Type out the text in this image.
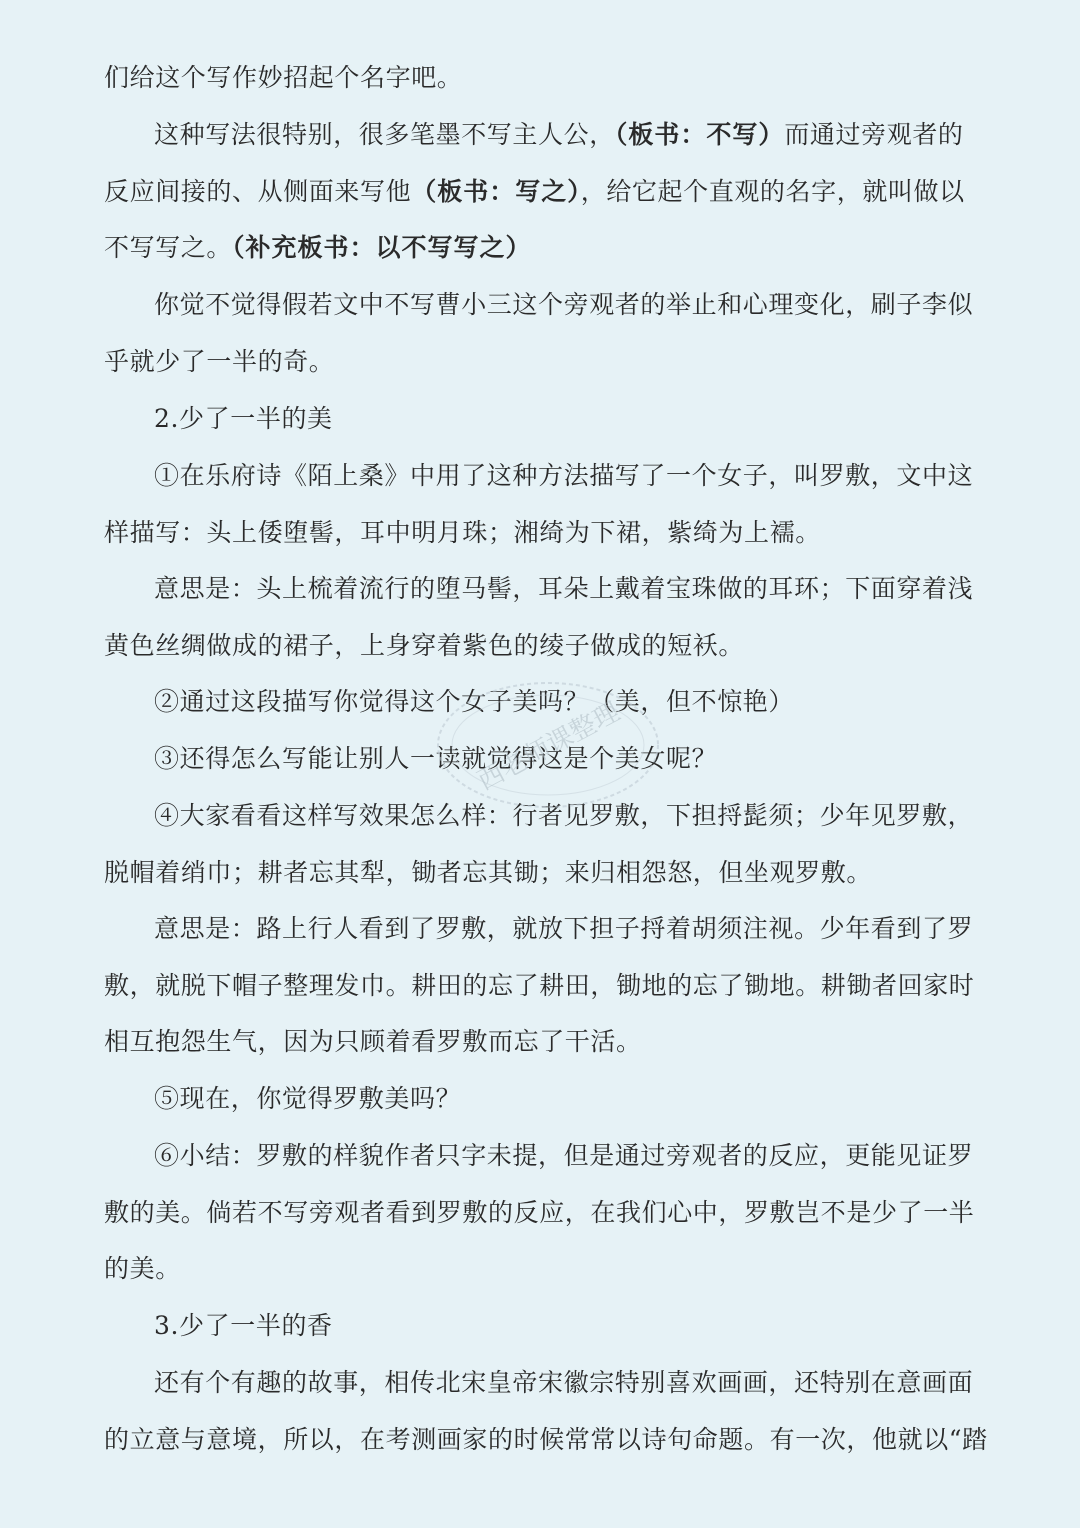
们给这个写作妙招起个名字吧。

这种写法很特别，很多笔墨不写主人公，（板书：不写）而通过旁观者的
反应间接的、从侧面来写他（板书：写之），给它起个直观的名字，就叫做以
不写写之。（补充板书：以不写写之）

你觉不觉得假若文中不写曹小三这个旁观者的举止和心理变化，刷子李似
乎就少了一半的奇。

2.少了一半的美

①在乐府诗《陌上桑》中用了这种方法描写了一个女子，叫罗敷，文中这
样描写：头上倭堕髻，耳中明月珠；湘绮为下裙，紫绮为上襦。

意思是：头上梳着流行的堕马髻，耳朵上戴着宝珠做的耳环；下面穿着浅
黄色丝绸做成的裙子，上身穿着紫色的绫子做成的短袄。

②通过这段描写你觉得这个女子美吗？（美，但不惊艳）

③还得怎么写能让别人一读就觉得这是个美女呢？

④大家看看这样写效果怎么样：行者见罗敷，下担捋髭须；少年见罗敷，
脱帽着绡巾；耕者忘其犁，锄者忘其锄；来归相怨怒，但坐观罗敷。

意思是：路上行人看到了罗敷，就放下担子捋着胡须注视。少年看到了罗
敷，就脱下帽子整理发巾。耕田的忘了耕田，锄地的忘了锄地。耕锄者回家时
相互抱怨生气，因为只顾着看罗敷而忘了干活。

⑤现在，你觉得罗敷美吗？

⑥小结：罗敷的样貌作者只字未提，但是通过旁观者的反应，更能见证罗
敷的美。倘若不写旁观者看到罗敷的反应，在我们心中，罗敷岂不是少了一半
的美。

3.少了一半的香

还有个有趣的故事，相传北宋皇帝宋徽宗特别喜欢画画，还特别在意画面
的立意与意境，所以，在考测画家的时候常常以诗句命题。有一次，他就以“踏

西老师课整理
